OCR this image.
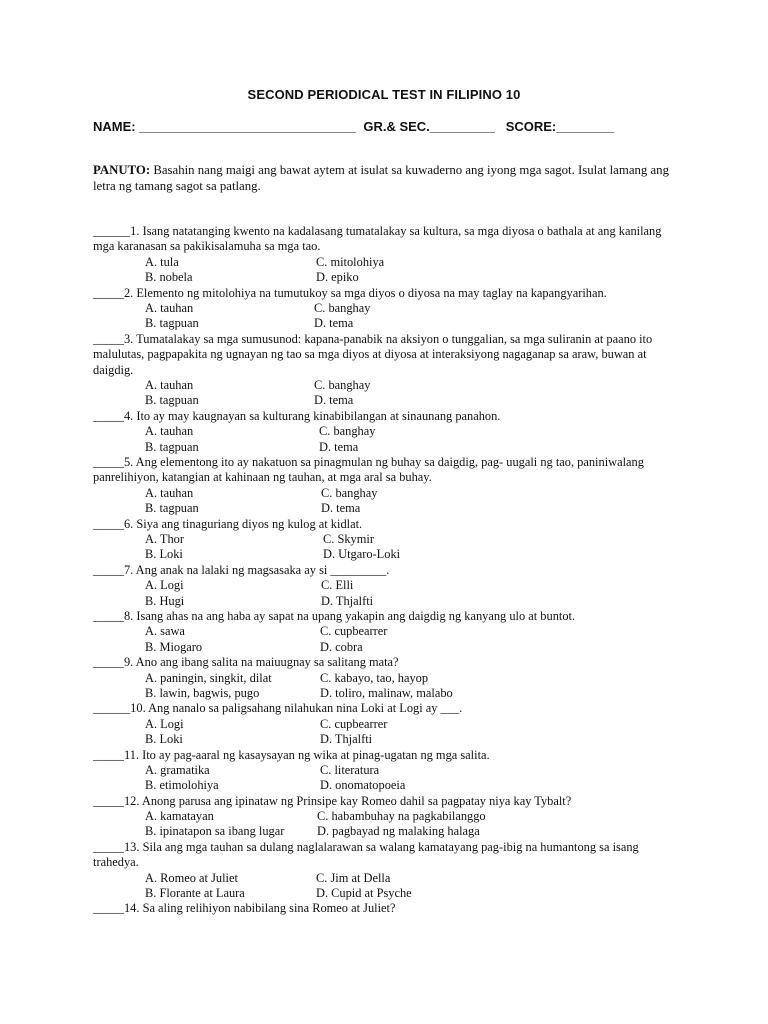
SECOND PERIODICAL TEST IN FILIPINO 10
NAME: ______________________________  GR.& SEC._________   SCORE:________
PANUTO: Basahin nang maigi ang bawat aytem at isulat sa kuwaderno ang iyong mga sagot. Isulat lamang ang letra ng tamang sagot sa patlang.
______1. Isang natatanging kwento na kadalasang tumatalakay sa kultura, sa mga diyosa o bathala at ang kanilang mga karanasan sa pakikisalamuha sa mga tao.
A. tula	C. mitolohiya
B. nobela	D. epiko
_____2. Elemento ng mitolohiya na tumutukoy sa mga diyos o diyosa na may taglay na kapangyarihan.
A. tauhan	C. banghay
B. tagpuan	D. tema
_____3. Tumatalakay sa mga sumusunod: kapana-panabik na aksiyon o tunggalian, sa mga suliranin at paano ito malulutas, pagpapakita ng ugnayan ng tao sa mga diyos at diyosa at interaksiyong nagaganap sa araw, buwan at daigdig.
A. tauhan	C. banghay
B. tagpuan	D. tema
_____4. Ito ay may kaugnayan sa kulturang kinabibilangan at sinaunang panahon.
A. tauhan	C. banghay
B. tagpuan	D. tema
_____5. Ang elementong ito ay nakatuon sa pinagmulan ng buhay sa daigdig, pag- uugali ng tao, paniniwalang panrelihiyon, katangian at kahinaan ng tauhan, at mga aral sa buhay.
A. tauhan	C. banghay
B. tagpuan	D. tema
_____6. Siya ang tinaguriang diyos ng kulog at kidlat.
A. Thor	C. Skymir
B. Loki	D. Utgaro-Loki
_____7. Ang anak na lalaki ng magsasaka ay si _________.
A. Logi	C. Elli
B. Hugi	D. Thjalfti
_____8. Isang ahas na ang haba ay sapat na upang yakapin ang daigdig ng kanyang ulo at buntot.
A. sawa	C. cupbearrer
B. Miogaro	D. cobra
_____9. Ano ang ibang salita na maiuugnay sa salitang mata?
A. paningin, singkit, dilat	C. kabayo, tao, hayop
B. lawin, bagwis, pugo	D. toliro, malinaw, malabo
______10. Ang nanalo sa paligsahang nilahukan nina Loki at Logi ay ___.
A. Logi	C. cupbearrer
B. Loki	D. Thjalfti
_____11. Ito ay pag-aaral ng kasaysayan ng wika at pinag-ugatan ng mga salita.
A. gramatika	C. literatura
B. etimolohiya	D. onomatopoeia
_____12. Anong parusa ang ipinataw ng Prinsipe kay Romeo dahil sa pagpatay niya kay Tybalt?
A. kamatayan	C. habambuhay na pagkabilanggo
B. ipinatapon sa ibang lugar	D. pagbayad ng malaking halaga
_____13. Sila ang mga tauhan sa dulang naglalarawan sa walang kamatayang pag-ibig na humantong sa isang trahedya.
A. Romeo at Juliet	C. Jim at Della
B. Florante at Laura	D. Cupid at Psyche
_____14. Sa aling relihiyon nabibilang sina Romeo at Juliet?
